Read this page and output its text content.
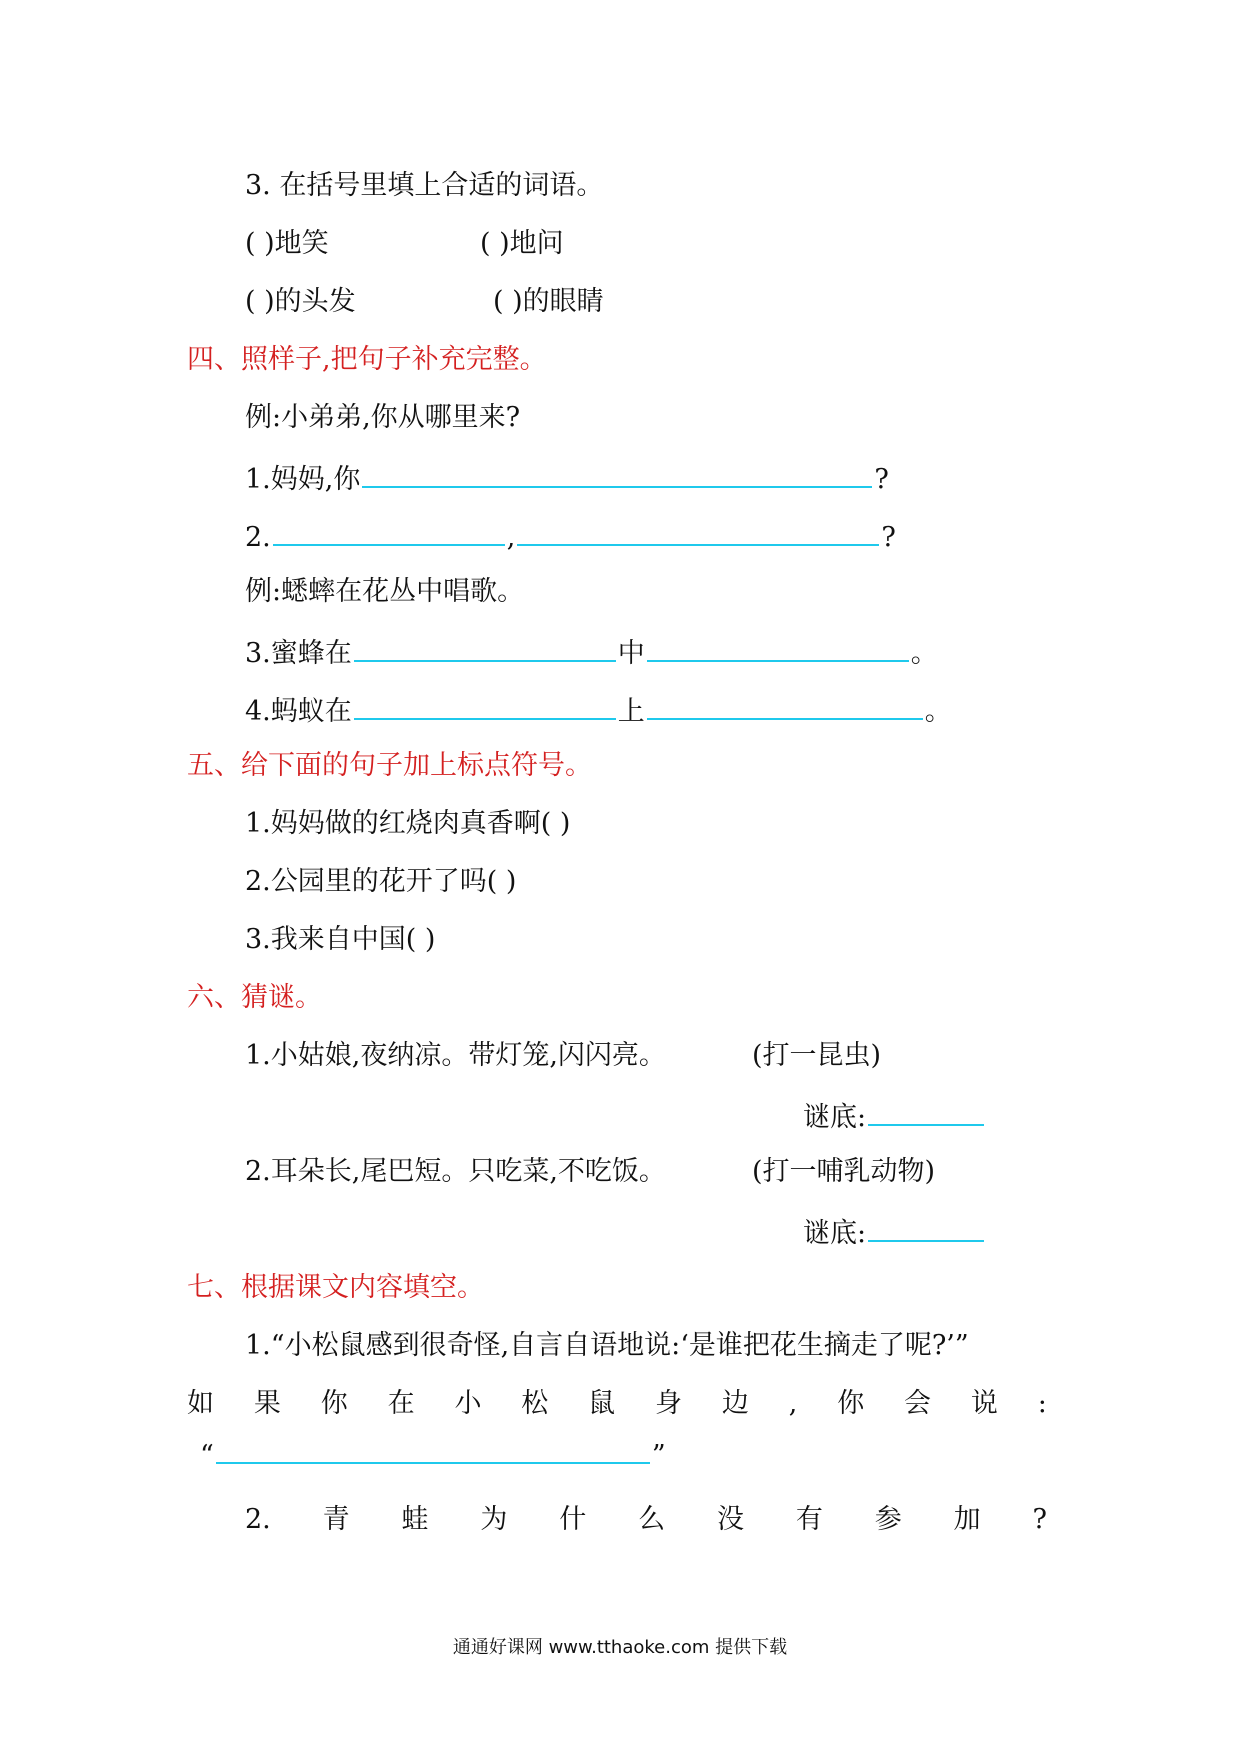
3. 在括号里填上合适的词语。
( )地笑	( )地问
( )的头发	( )的眼睛
四、照样子,把句子补充完整。
例:小弟弟,你从哪里来?
1.妈妈,你	?
2.	,	?
例:蟋蟀在花丛中唱歌。
3.蜜蜂在	中	。
4.蚂蚁在	上	。
五、给下面的句子加上标点符号。
1.妈妈做的红烧肉真香啊( )
2.公园里的花开了吗( )
3.我来自中国( )
六、猜谜。
1.小姑娘,夜纳凉。带灯笼,闪闪亮。	(打一昆虫)
谜底:
2.耳朵长,尾巴短。只吃菜,不吃饭。	(打一哺乳动物)
谜底:
七、根据课文内容填空。
1.“小松鼠感到很奇怪,自言自语地说:‘是谁把花生摘走了呢?’”
如 果 你 在 小 松 鼠 身 边 , 你 会 说 :
“	”
2. 青 蛙 为 什 么 没 有 参 加 ?
通通好课网 www.tthaoke.com 提供下载
